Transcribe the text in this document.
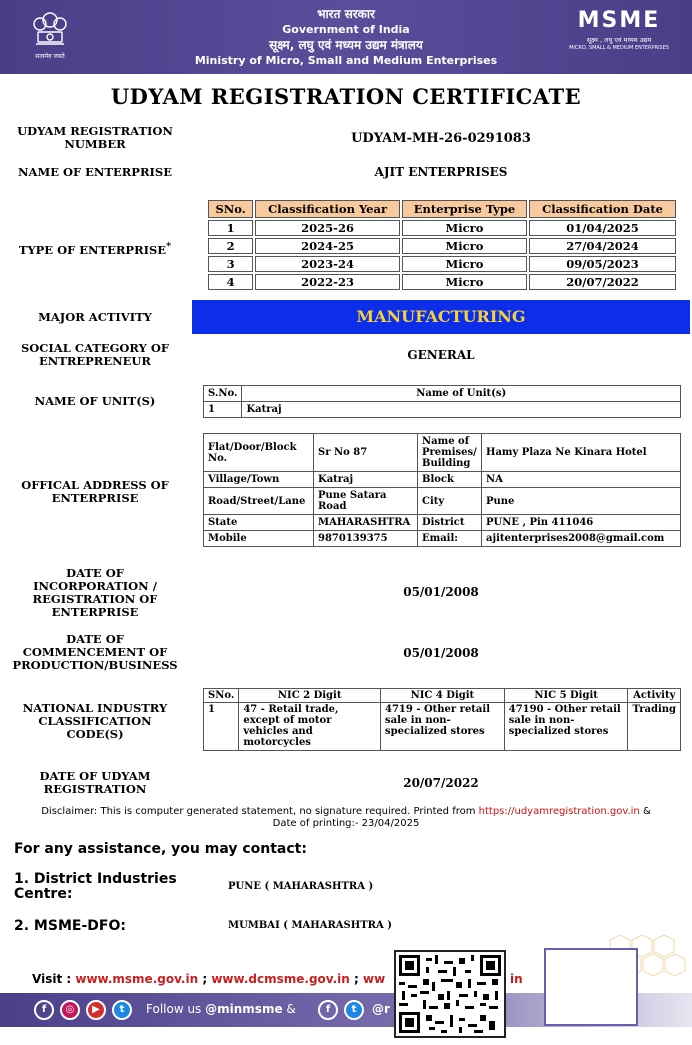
सत्यमेव जयते
भारत सरकार
Government of India
सूक्ष्म, लघु एवं मध्यम उद्यम मंत्रालय
Ministry of Micro, Small and Medium Enterprises
MSME
सूक्ष्म , लघु एवं मध्यम उद्यम
MICRO, SMALL & MEDIUM ENTERPRISES
UDYAM REGISTRATION CERTIFICATE
UDYAM REGISTRATION NUMBER	UDYAM-MH-26-0291083
NAME OF ENTERPRISE	AJIT ENTERPRISES
TYPE OF ENTERPRISE*
SNo.	Classification Year	Enterprise Type	Classification Date
1	2025-26	Micro	01/04/2025
2	2024-25	Micro	27/04/2024
3	2023-24	Micro	09/05/2023
4	2022-23	Micro	20/07/2022
MAJOR ACTIVITY	MANUFACTURING
SOCIAL CATEGORY OF ENTREPRENEUR	GENERAL
NAME OF UNIT(S)
S.No.	Name of Unit(s)
1	Katraj
OFFICAL ADDRESS OF ENTERPRISE
Flat/Door/Block No.	Sr No 87	Name of Premises/ Building	Hamy Plaza Ne Kinara Hotel
Village/Town	Katraj	Block	NA
Road/Street/Lane	Pune Satara Road	City	Pune
State	MAHARASHTRA	District	PUNE , Pin 411046
Mobile	9870139375	Email:	ajitenterprises2008@gmail.com
DATE OF INCORPORATION / REGISTRATION OF ENTERPRISE
05/01/2008
DATE OF COMMENCEMENT OF PRODUCTION/BUSINESS
05/01/2008
NATIONAL INDUSTRY CLASSIFICATION CODE(S)
SNo.	NIC 2 Digit	NIC 4 Digit	NIC 5 Digit	Activity
1	47 - Retail trade, except of motor vehicles and motorcycles	4719 - Other retail sale in non-specialized stores	47190 - Other retail sale in non-specialized stores	Trading
DATE OF UDYAM REGISTRATION	20/07/2022
Disclaimer: This is computer generated statement, no signature required. Printed from https://udyamregistration.gov.in &
Date of printing:- 23/04/2025
For any assistance, you may contact:
1. District Industries Centre:	PUNE ( MAHARASHTRA )
2. MSME-DFO:	MUMBAI ( MAHARASHTRA )
Visit : www.msme.gov.in ; www.dcmsme.gov.in ; ww	in
f	◎	▶	t	Follow us @minmsme &	f	t	@r
